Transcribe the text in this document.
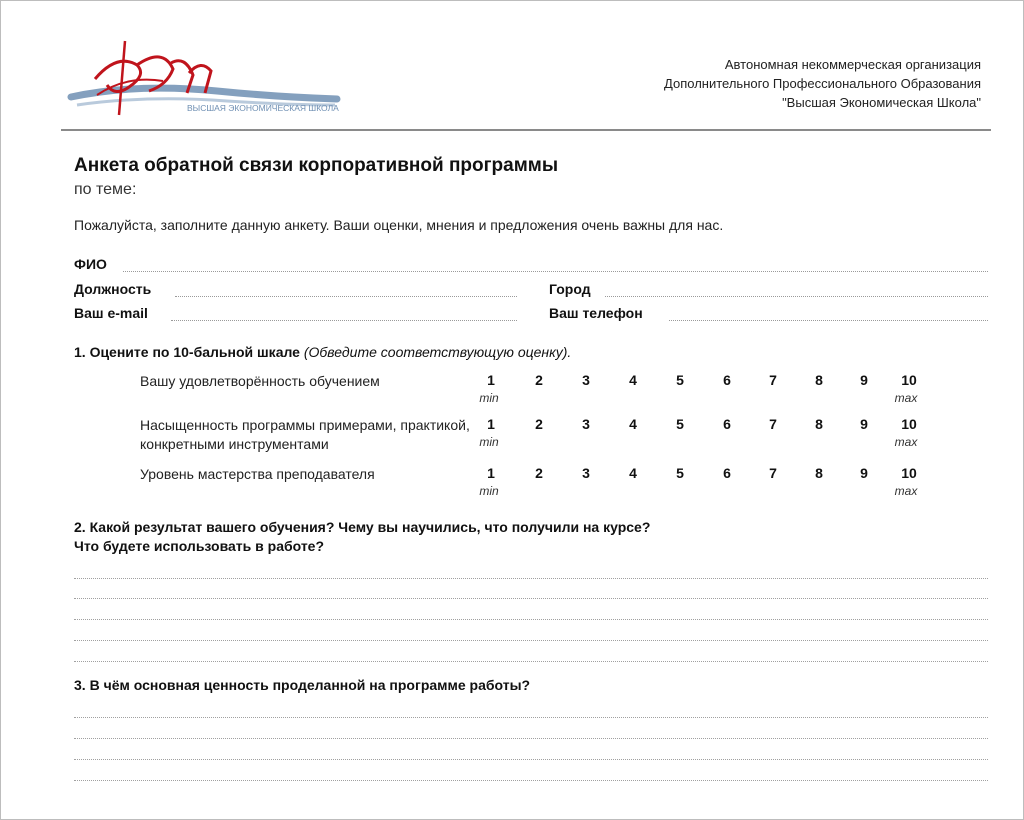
ВЫСШАЯ ЭКОНОМИЧЕСКАЯ ШКОЛА
Автономная некоммерческая организация
Дополнительного Профессионального Образования
"Высшая Экономическая Школа"
Анкета обратной связи корпоративной программы
по теме:
Пожалуйста, заполните данную анкету. Ваши оценки, мнения и предложения очень важны для нас.
ФИО
Должность	Город
Ваш e-mail	Ваш телефон
1. Оцените по 10-бальной шкале (Обведите соответствующую оценку).
Вашу удовлетворённость обучением	1	2	3	4	5	6	7	8	9	10
min	max
Насыщенность программы примерами, практикой, конкретными инструментами
1	2	3	4	5	6	7	8	9	10
min	max
Уровень мастерства преподавателя	1	2	3	4	5	6	7	8	9	10
min	max
2. Какой результат вашего обучения? Чему вы научились, что получили на курсе?
Что будете использовать в работе?
3. В чём основная ценность проделанной на программе работы?
